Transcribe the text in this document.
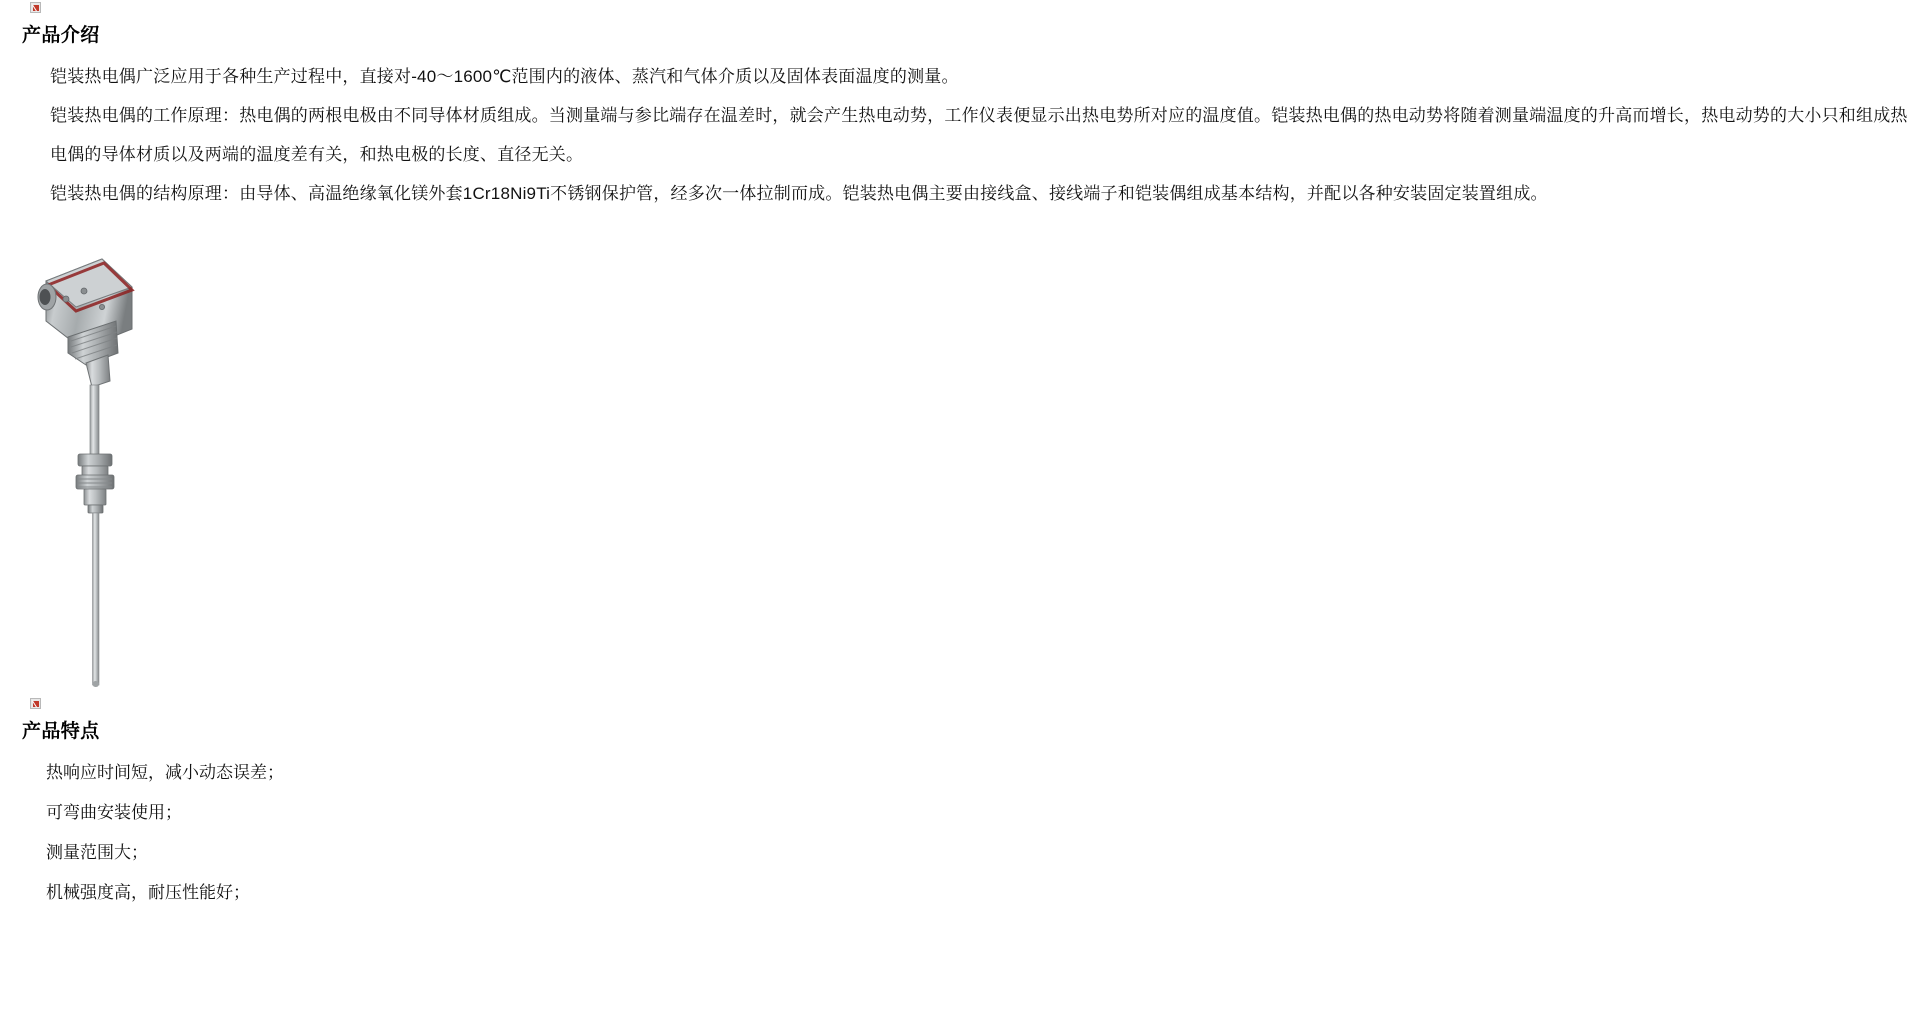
产品介绍

铠装热电偶广泛应用于各种生产过程中，直接对-40～1600℃范围内的液体、蒸汽和气体介质以及固体表面温度的测量。

铠装热电偶的工作原理：热电偶的两根电极由不同导体材质组成。当测量端与参比端存在温差时，就会产生热电动势，工作仪表便显示出热电势所对应的温度值。铠装热电偶的热电动势将随着测量端温度的升高而增长，热电动势的大小只和组成热电偶的导体材质以及两端的温度差有关，和热电极的长度、直径无关。

铠装热电偶的结构原理：由导体、高温绝缘氧化镁外套1Cr18Ni9Ti不锈钢保护管，经多次一体拉制而成。铠装热电偶主要由接线盒、接线端子和铠装偶组成基本结构，并配以各种安装固定装置组成。

产品特点

热响应时间短，减小动态误差；

可弯曲安装使用；

测量范围大；

机械强度高，耐压性能好；
